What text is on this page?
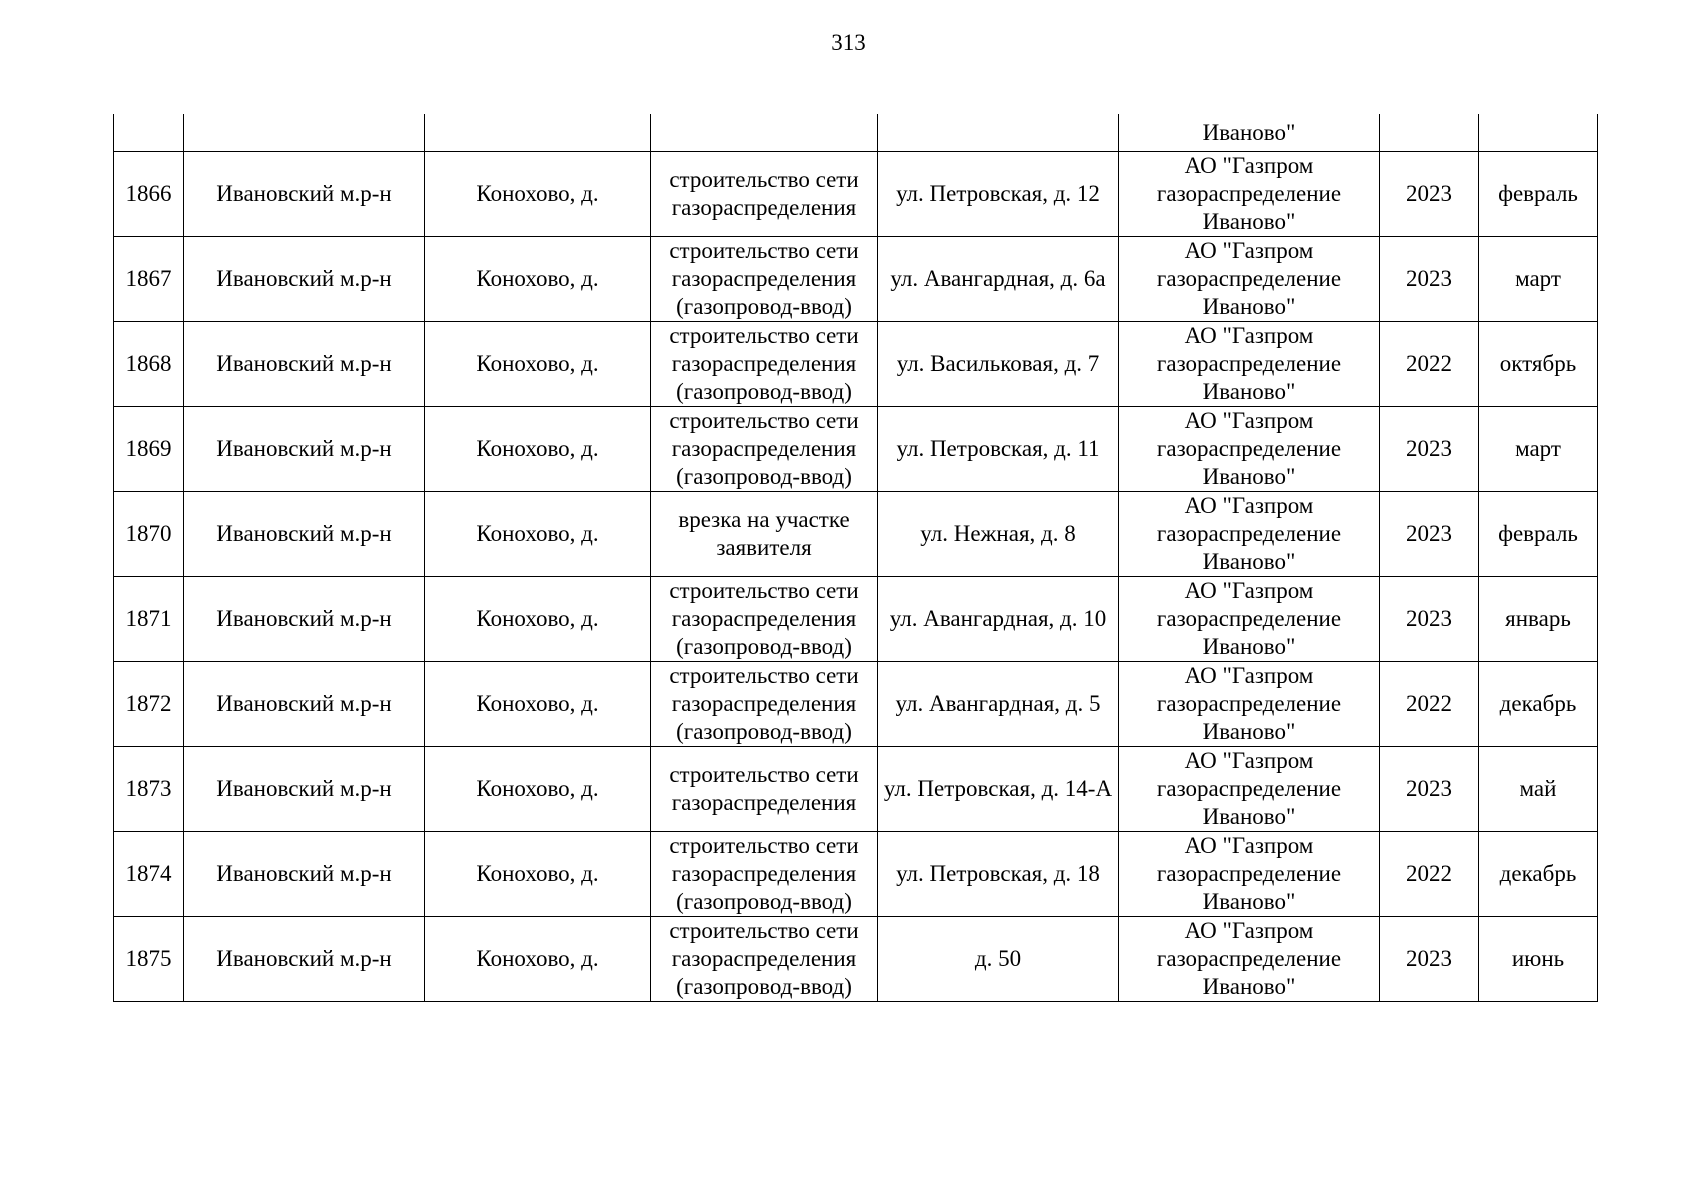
313
					Иваново"		
1866	Ивановский м.р-н	Конохово, д.	строительство сети газораспределения	ул. Петровская, д. 12	АО "Газпром газораспределение Иваново"	2023	февраль
1867	Ивановский м.р-н	Конохово, д.	строительство сети газораспределения (газопровод-ввод)	ул. Авангардная, д. 6а	АО "Газпром газораспределение Иваново"	2023	март
1868	Ивановский м.р-н	Конохово, д.	строительство сети газораспределения (газопровод-ввод)	ул. Васильковая, д. 7	АО "Газпром газораспределение Иваново"	2022	октябрь
1869	Ивановский м.р-н	Конохово, д.	строительство сети газораспределения (газопровод-ввод)	ул. Петровская, д. 11	АО "Газпром газораспределение Иваново"	2023	март
1870	Ивановский м.р-н	Конохово, д.	врезка на участке заявителя	ул. Нежная, д. 8	АО "Газпром газораспределение Иваново"	2023	февраль
1871	Ивановский м.р-н	Конохово, д.	строительство сети газораспределения (газопровод-ввод)	ул. Авангардная, д. 10	АО "Газпром газораспределение Иваново"	2023	январь
1872	Ивановский м.р-н	Конохово, д.	строительство сети газораспределения (газопровод-ввод)	ул. Авангардная, д. 5	АО "Газпром газораспределение Иваново"	2022	декабрь
1873	Ивановский м.р-н	Конохово, д.	строительство сети газораспределения	ул. Петровская, д. 14-А	АО "Газпром газораспределение Иваново"	2023	май
1874	Ивановский м.р-н	Конохово, д.	строительство сети газораспределения (газопровод-ввод)	ул. Петровская, д. 18	АО "Газпром газораспределение Иваново"	2022	декабрь
1875	Ивановский м.р-н	Конохово, д.	строительство сети газораспределения (газопровод-ввод)	д. 50	АО "Газпром газораспределение Иваново"	2023	июнь
